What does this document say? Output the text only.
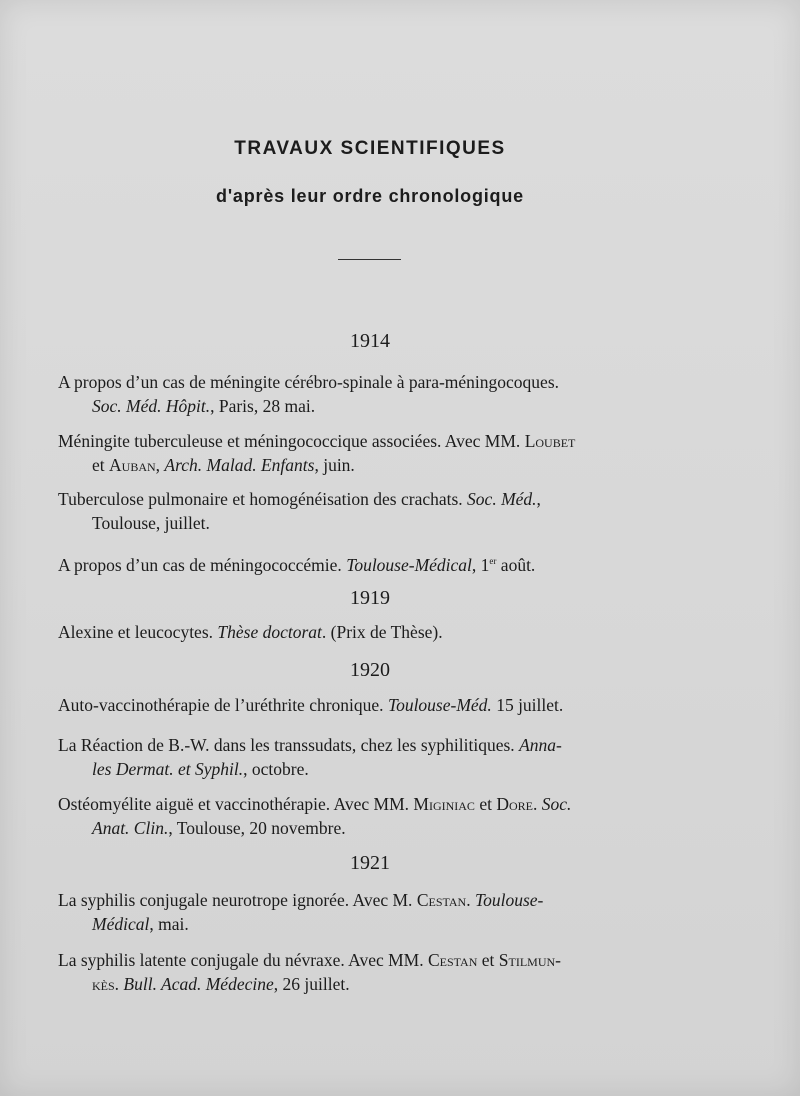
TRAVAUX SCIENTIFIQUES
d'après leur ordre chronologique
1914
A propos d’un cas de méningite cérébro-spinale à para-méningocoques.
Soc. Méd. Hôpit., Paris, 28 mai.
Méningite tuberculeuse et méningococcique associées. Avec MM. Loubet
et Auban, Arch. Malad. Enfants, juin.
Tuberculose pulmonaire et homogénéisation des crachats. Soc. Méd.,
Toulouse, juillet.
A propos d’un cas de méningococcémie. Toulouse-Médical, 1er août.
1919
Alexine et leucocytes. Thèse doctorat. (Prix de Thèse).
1920
Auto-vaccinothérapie de l’uréthrite chronique. Toulouse-Méd. 15 juillet.
La Réaction de B.-W. dans les transsudats, chez les syphilitiques. Anna-
les Dermat. et Syphil., octobre.
Ostéomyélite aiguë et vaccinothérapie. Avec MM. Miginiac et Dore. Soc.
Anat. Clin., Toulouse, 20 novembre.
1921
La syphilis conjugale neurotrope ignorée. Avec M. Cestan. Toulouse-
Médical, mai.
La syphilis latente conjugale du névraxe. Avec MM. Cestan et Stilmun-
kès. Bull. Acad. Médecine, 26 juillet.
